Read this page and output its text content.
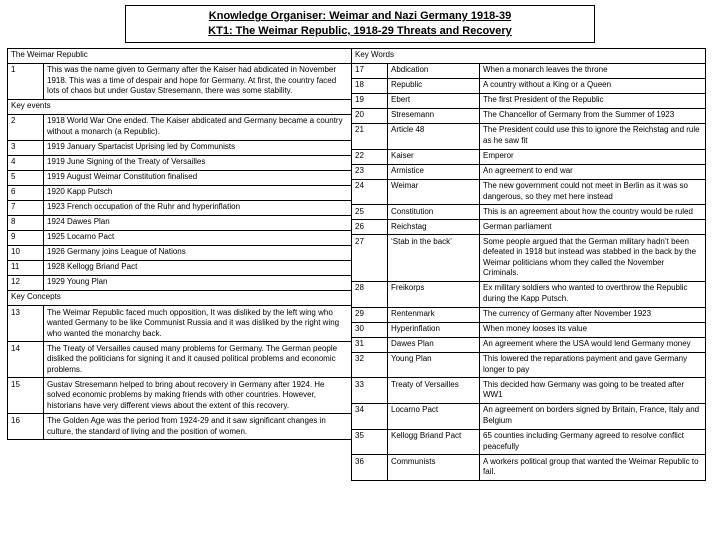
Knowledge Organiser: Weimar and Nazi Germany 1918-39
KT1: The Weimar Republic, 1918-29 Threats and Recovery
The Weimar Republic	
1	This was the name given to Germany after the Kaiser had abdicated in November 1918. This was a time of despair and hope for Germany. At first, the country faced lots of chaos but under Gustav Stresemann, there was some stability.
Key events	
2	1918 World War One ended. The Kaiser abdicated and Germany became a country without a monarch (a Republic).
3	1919 January Spartacist Uprising led by Communists
4	1919 June Signing of the Treaty of Versailles
5	1919 August Weimar Constitution finalised
6	1920 Kapp Putsch
7	1923 French occupation of the Ruhr and hyperinflation
8	1924 Dawes Plan
9	1925 Locarno Pact
10	1926 Germany joins League of Nations
11	1928 Kellogg Briand Pact
12	1929 Young Plan
Key Concepts	
13	The Weimar Republic faced much opposition, It was disliked by the left wing who wanted Germany to be like Communist Russia and it was disliked by the right wing who wanted the monarchy back.
14	The Treaty of Versailles caused many problems for Germany. The German people disliked the politicians for signing it and it caused political problems and economic problems.
15	Gustav Stresemann helped to bring about recovery in Germany after 1924. He solved economic problems by making friends with other countries. However, historians have very different views about the extent of this recovery.
16	The Golden Age was the period from 1924-29 and it saw significant changes in culture, the standard of living and the position of women.
Key Words		
17	Abdication	When a monarch leaves the throne
18	Republic	A country without a King or a Queen
19	Ebert	The first President of the Republic
20	Stresemann	The Chancellor of Germany from the Summer of 1923
21	Article 48	The President could use this to ignore the Reichstag and rule as he saw fit
22	Kaiser	Emperor
23	Armistice	An agreement to end war
24	Weimar	The new government could not meet in Berlin as it was so dangerous, so they met here instead
25	Constitution	This is an agreement about how the country would be ruled
26	Reichstag	German parliament
27	‘Stab in the back’	Some people argued that the German military hadn’t been defeated in 1918 but instead was stabbed in the back by the Weimar politicians whom they called the November Criminals.
28	Freikorps	Ex military soldiers who wanted to overthrow the Republic during the Kapp Putsch.
29	Rentenmark	The currency of Germany after November 1923
30	Hyperinflation	When money looses its value
31	Dawes Plan	An agreement where the USA would lend Germany money
32	Young Plan	This lowered the reparations payment and gave Germany longer to pay
33	Treaty of Versailles	This decided how Germany was going to be treated after WW1
34	Locarno Pact	An agreement on borders signed by Britain, France, Italy and Belgium
35	Kellogg Briand Pact	65 counties including Germany agreed to resolve conflict peacefully
36	Communists	A workers political group that wanted the Weimar Republic to fail.
